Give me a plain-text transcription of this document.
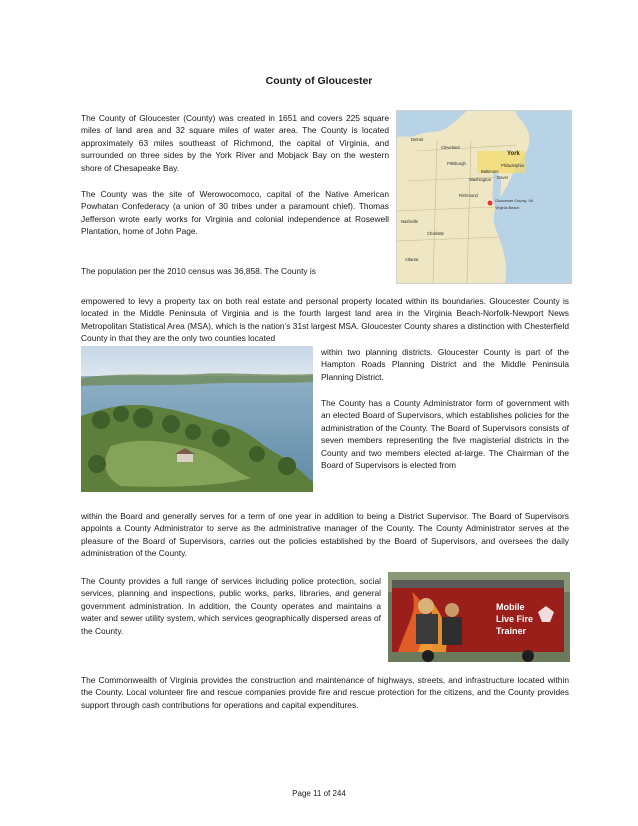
County of Gloucester

The County of Gloucester (County) was created in 1651 and covers 225 square miles of land area and 32 square miles of water area. The County is located approximately 63 miles southeast of Richmond, the capital of Virginia, and surrounded on three sides by the York River and Mobjack Bay on the western shore of Chesapeake Bay.

The County was the site of Werowocomoco, capital of the Native American Powhatan Confederacy (a union of 30 tribes under a paramount chief). Thomas Jefferson wrote early works for Virginia and colonial independence at Rosewell Plantation, home of John Page.

The population per the 2010 census was 36,858. The County is

Detroit
Cleveland
Pittsburgh
Baltimore
Washington
York
Philadelphia
Dover
Richmond
Charlotte
Nashville
Atlanta
Gloucester County, VA
Virginia Beach

empowered to levy a property tax on both real estate and personal property located within its boundaries. Gloucester County is located in the Middle Peninsula of Virginia and is the fourth largest land area in the Virginia Beach-Norfolk-Newport News Metropolitan Statistical Area (MSA), which is the nation’s 31st largest MSA. Gloucester County shares a distinction with Chesterfield County in that they are the only two counties located

within two planning districts. Gloucester County is part of the Hampton Roads Planning District and the Middle Peninsula Planning District.

The County has a County Administrator form of government with an elected Board of Supervisors, which establishes policies for the administration of the County. The Board of Supervisors consists of seven members representing the five magisterial districts in the County and two members elected at-large. The Chairman of the Board of Supervisors is elected from

within the Board and generally serves for a term of one year in addition to being a District Supervisor. The Board of Supervisors appoints a County Administrator to serve as the administrative manager of the County. The County Administrator serves at the pleasure of the Board of Supervisors, carries out the policies established by the Board of Supervisors, and oversees the daily administration of the County.

The County provides a full range of services including police protection, social services, planning and inspections, public works, parks, libraries, and general government administration. In addition, the County operates and maintains a water and sewer utility system, which services geographically dispersed areas of the County.

Mobile
Live Fire
Trainer

The Commonwealth of Virginia provides the construction and maintenance of highways, streets, and infrastructure located within the County. Local volunteer fire and rescue companies provide fire and rescue protection for the citizens, and the County provides support through cash contributions for operations and capital expenditures.

Page 11 of 244
